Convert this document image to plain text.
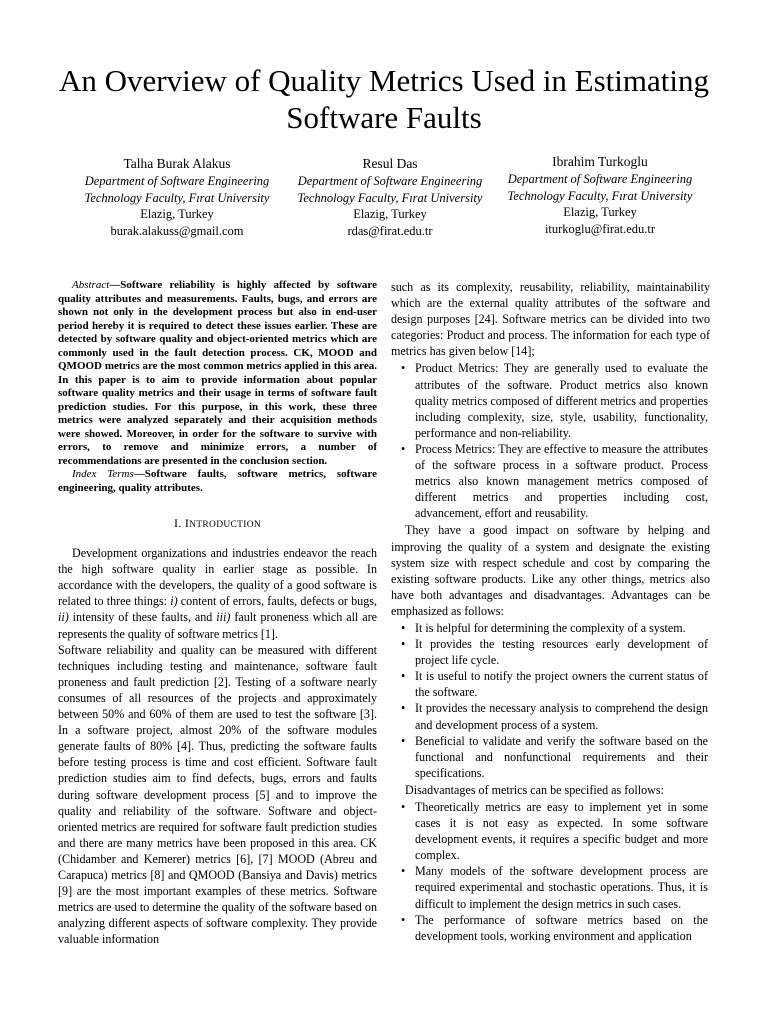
An Overview of Quality Metrics Used in Estimating
Software Faults
Talha Burak Alakus
Department of Software Engineering
Technology Faculty, Fırat University
Elazig, Turkey
burak.alakuss@gmail.com
Resul Das
Department of Software Engineering
Technology Faculty, Fırat University
Elazig, Turkey
rdas@firat.edu.tr
Ibrahim Turkoglu
Department of Software Engineering
Technology Faculty, Fırat University
Elazig, Turkey
iturkoglu@firat.edu.tr

Abstract—Software reliability is highly affected by software quality attributes and measurements. Faults, bugs, and errors are shown not only in the development process but also in end-user period hereby it is required to detect these issues earlier. These are detected by software quality and object-oriented metrics which are commonly used in the fault detection process. CK, MOOD and QMOOD metrics are the most common metrics applied in this area. In this paper is to aim to provide information about popular software quality metrics and their usage in terms of software fault prediction studies. For this purpose, in this work, these three metrics were analyzed separately and their acquisition methods were showed. Moreover, in order for the software to survive with errors, to remove and minimize errors, a number of recommendations are presented in the conclusion section.

Index Terms—Software faults, software metrics, software engineering, quality attributes.

I. INTRODUCTION

Development organizations and industries endeavor the reach the high software quality in earlier stage as possible. In accordance with the developers, the quality of a good software is related to three things: i) content of errors, faults, defects or bugs, ii) intensity of these faults, and iii) fault proneness which all are represents the quality of software metrics [1].

Software reliability and quality can be measured with different techniques including testing and maintenance, software fault proneness and fault prediction [2]. Testing of a software nearly consumes of all resources of the projects and approximately between 50% and 60% of them are used to test the software [3]. In a software project, almost 20% of the software modules generate faults of 80% [4]. Thus, predicting the software faults before testing process is time and cost efficient. Software fault prediction studies aim to find defects, bugs, errors and faults during software development process [5] and to improve the quality and reliability of the software. Software and object-oriented metrics are required for software fault prediction studies and there are many metrics have been proposed in this area. CK (Chidamber and Kemerer) metrics [6], [7] MOOD (Abreu and Carapuca) metrics [8] and QMOOD (Bansiya and Davis) metrics [9] are the most important examples of these metrics. Software metrics are used to determine the quality of the software based on analyzing different aspects of software complexity. They provide valuable information

such as its complexity, reusability, reliability, maintainability which are the external quality attributes of the software and design purposes [24]. Software metrics can be divided into two categories: Product and process. The information for each type of metrics has given below [14];

• Product Metrics: They are generally used to evaluate the attributes of the software. Product metrics also known quality metrics composed of different metrics and properties including complexity, size, style, usability, functionality, performance and non-reliability.
• Process Metrics: They are effective to measure the attributes of the software process in a software product. Process metrics also known management metrics composed of different metrics and properties including cost, advancement, effort and reusability.

They have a good impact on software by helping and improving the quality of a system and designate the existing system size with respect schedule and cost by comparing the existing software products. Like any other things, metrics also have both advantages and disadvantages. Advantages can be emphasized as follows:

• It is helpful for determining the complexity of a system.
• It provides the testing resources early development of project life cycle.
• It is useful to notify the project owners the current status of the software.
• It provides the necessary analysis to comprehend the design and development process of a system.
• Beneficial to validate and verify the software based on the functional and nonfunctional requirements and their specifications.

Disadvantages of metrics can be specified as follows:

• Theoretically metrics are easy to implement yet in some cases it is not easy as expected. In some software development events, it requires a specific budget and more complex.
• Many models of the software development process are required experimental and stochastic operations. Thus, it is difficult to implement the design metrics in such cases.
• The performance of software metrics based on the development tools, working environment and application
